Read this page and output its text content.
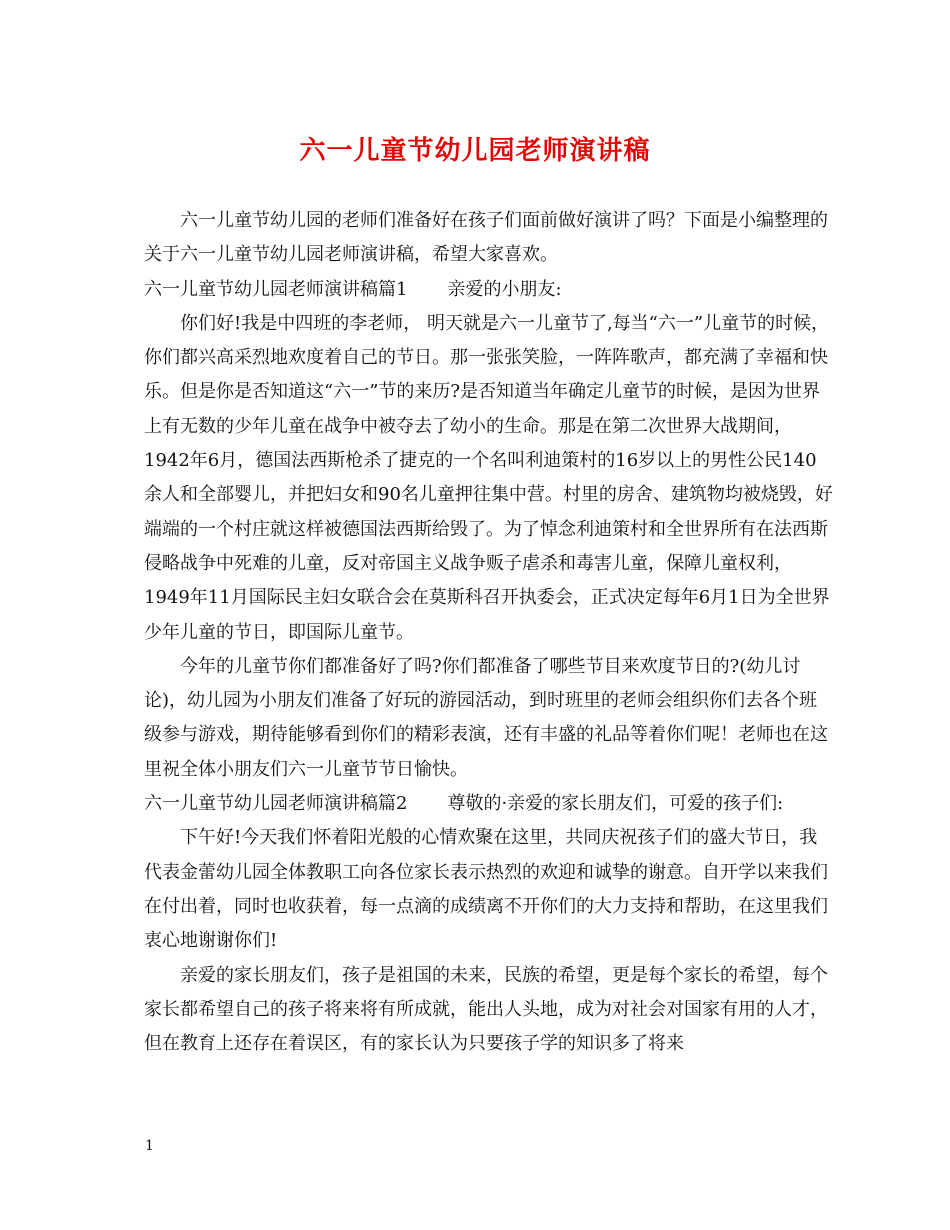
六一儿童节幼儿园老师演讲稿

六一儿童节幼儿园的老师们准备好在孩子们面前做好演讲了吗？下面是小编整理的关于六一儿童节幼儿园老师演讲稿，希望大家喜欢。

六一儿童节幼儿园老师演讲稿篇1 亲爱的小朋友:

你们好!我是中四班的李老师， 明天就是六一儿童节了,每当“六一”儿童节的时候，你们都兴高采烈地欢度着自己的节日。那一张张笑脸，一阵阵歌声，都充满了幸福和快乐。但是你是否知道这“六一”节的来历?是否知道当年确定儿童节的时候，是因为世界上有无数的少年儿童在战争中被夺去了幼小的生命。那是在第二次世界大战期间，1942年6月，德国法西斯枪杀了捷克的一个名叫利迪策村的16岁以上的男性公民140余人和全部婴儿，并把妇女和90名儿童押往集中营。村里的房舍、建筑物均被烧毁，好端端的一个村庄就这样被德国法西斯给毁了。为了悼念利迪策村和全世界所有在法西斯侵略战争中死难的儿童，反对帝国主义战争贩子虐杀和毒害儿童，保障儿童权利，1949年11月国际民主妇女联合会在莫斯科召开执委会，正式决定每年6月1日为全世界少年儿童的节日，即国际儿童节。

今年的儿童节你们都准备好了吗?你们都准备了哪些节目来欢度节日的?(幼儿讨论)，幼儿园为小朋友们准备了好玩的游园活动，到时班里的老师会组织你们去各个班级参与游戏，期待能够看到你们的精彩表演，还有丰盛的礼品等着你们呢！老师也在这里祝全体小朋友们六一儿童节节日愉快。

六一儿童节幼儿园老师演讲稿篇2 尊敬的·亲爱的家长朋友们，可爱的孩子们:

下午好!今天我们怀着阳光般的心情欢聚在这里，共同庆祝孩子们的盛大节日，我代表金蕾幼儿园全体教职工向各位家长表示热烈的欢迎和诚挚的谢意。自开学以来我们在付出着，同时也收获着，每一点滴的成绩离不开你们的大力支持和帮助，在这里我们衷心地谢谢你们!

亲爱的家长朋友们，孩子是祖国的未来，民族的希望，更是每个家长的希望，每个家长都希望自己的孩子将来将有所成就，能出人头地，成为对社会对国家有用的人才，但在教育上还存在着误区，有的家长认为只要孩子学的知识多了将来

1
